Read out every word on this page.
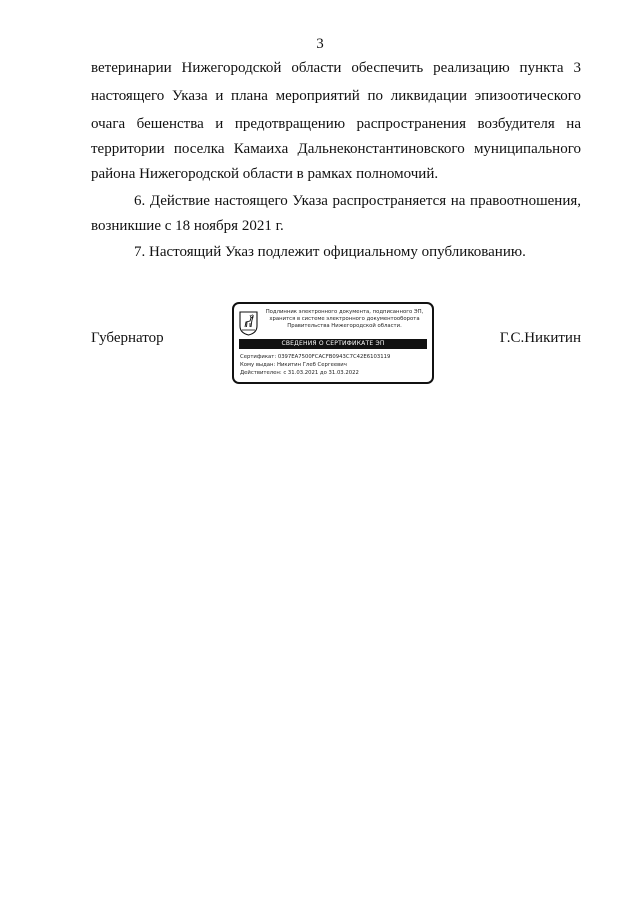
3
ветеринарии Нижегородской области обеспечить реализацию пункта 3
настоящего Указа и плана мероприятий по ликвидации эпизоотического
очага бешенства и предотвращению распространения возбудителя на
территории поселка Камаиха Дальнеконстантиновского муниципального
района Нижегородской области в рамках полномочий.
6. Действие настоящего Указа распространяется на правоотношения,
возникшие с 18 ноября 2021 г.
7. Настоящий Указ подлежит официальному опубликованию.
Губернатор
Подлинник электронного документа, подписанного ЭП,
хранится в системе электронного документооборота
Правительства Нижегородской области.
СВЕДЕНИЯ О СЕРТИФИКАТЕ ЭП
Сертификат: 0397EA7500FCACFB0943C7C42E6103119
Кому выдан: Никитин Глеб Сергеевич
Действителен: с 31.03.2021 до 31.03.2022
Г.С.Никитин
